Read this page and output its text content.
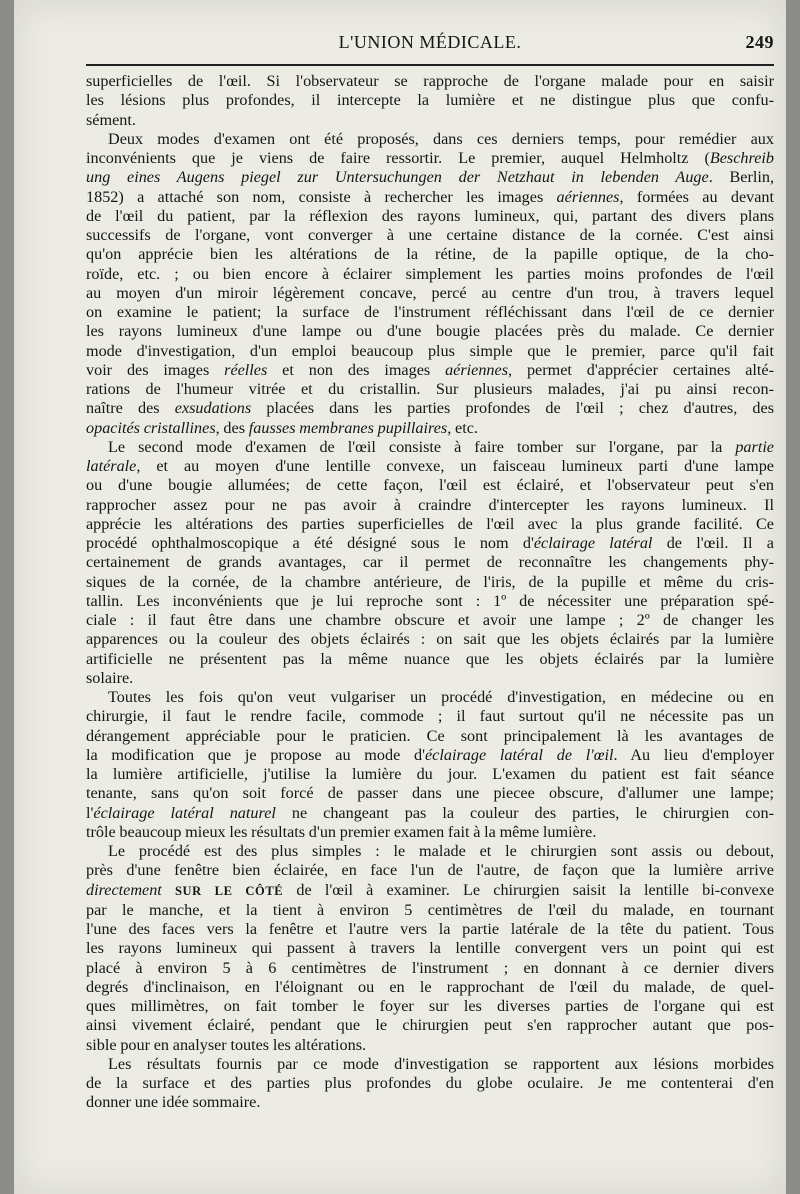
L'UNION MÉDICALE.	249
superficielles de l'œil. Si l'observateur se rapproche de l'organe malade pour en saisir
les lésions plus profondes, il intercepte la lumière et ne distingue plus que confu-
sément.
Deux modes d'examen ont été proposés, dans ces derniers temps, pour remédier aux
inconvénients que je viens de faire ressortir. Le premier, auquel Helmholtz (Beschreib
ung eines Augens piegel zur Untersuchungen der Netzhaut in lebenden Auge. Berlin,
1852) a attaché son nom, consiste à rechercher les images aériennes, formées au devant
de l'œil du patient, par la réflexion des rayons lumineux, qui, partant des divers plans
successifs de l'organe, vont converger à une certaine distance de la cornée. C'est ainsi
qu'on apprécie bien les altérations de la rétine, de la papille optique, de la cho-
roïde, etc. ; ou bien encore à éclairer simplement les parties moins profondes de l'œil
au moyen d'un miroir légèrement concave, percé au centre d'un trou, à travers lequel
on examine le patient; la surface de l'instrument réfléchissant dans l'œil de ce dernier
les rayons lumineux d'une lampe ou d'une bougie placées près du malade. Ce dernier
mode d'investigation, d'un emploi beaucoup plus simple que le premier, parce qu'il fait
voir des images réelles et non des images aériennes, permet d'apprécier certaines alté-
rations de l'humeur vitrée et du cristallin. Sur plusieurs malades, j'ai pu ainsi recon-
naître des exsudations placées dans les parties profondes de l'œil ; chez d'autres, des
opacités cristallines, des fausses membranes pupillaires, etc.
Le second mode d'examen de l'œil consiste à faire tomber sur l'organe, par la partie
latérale, et au moyen d'une lentille convexe, un faisceau lumineux parti d'une lampe
ou d'une bougie allumées; de cette façon, l'œil est éclairé, et l'observateur peut s'en
rapprocher assez pour ne pas avoir à craindre d'intercepter les rayons lumineux. Il
apprécie les altérations des parties superficielles de l'œil avec la plus grande facilité. Ce
procédé ophthalmoscopique a été désigné sous le nom d'éclairage latéral de l'œil. Il a
certainement de grands avantages, car il permet de reconnaître les changements phy-
siques de la cornée, de la chambre antérieure, de l'iris, de la pupille et même du cris-
tallin. Les inconvénients que je lui reproche sont : 1º de nécessiter une préparation spé-
ciale : il faut être dans une chambre obscure et avoir une lampe ; 2º de changer les
apparences ou la couleur des objets éclairés : on sait que les objets éclairés par la lumière
artificielle ne présentent pas la même nuance que les objets éclairés par la lumière
solaire.
Toutes les fois qu'on veut vulgariser un procédé d'investigation, en médecine ou en
chirurgie, il faut le rendre facile, commode ; il faut surtout qu'il ne nécessite pas un
dérangement appréciable pour le praticien. Ce sont principalement là les avantages de
la modification que je propose au mode d'éclairage latéral de l'œil. Au lieu d'employer
la lumière artificielle, j'utilise la lumière du jour. L'examen du patient est fait séance
tenante, sans qu'on soit forcé de passer dans une piecee obscure, d'allumer une lampe;
l'éclairage latéral naturel ne changeant pas la couleur des parties, le chirurgien con-
trôle beaucoup mieux les résultats d'un premier examen fait à la même lumière.
Le procédé est des plus simples : le malade et le chirurgien sont assis ou debout,
près d'une fenêtre bien éclairée, en face l'un de l'autre, de façon que la lumière arrive
directement SUR LE CÔTÉ de l'œil à examiner. Le chirurgien saisit la lentille bi-convexe
par le manche, et la tient à environ 5 centimètres de l'œil du malade, en tournant
l'une des faces vers la fenêtre et l'autre vers la partie latérale de la tête du patient. Tous
les rayons lumineux qui passent à travers la lentille convergent vers un point qui est
placé à environ 5 à 6 centimètres de l'instrument ; en donnant à ce dernier divers
degrés d'inclinaison, en l'éloignant ou en le rapprochant de l'œil du malade, de quel-
ques millimètres, on fait tomber le foyer sur les diverses parties de l'organe qui est
ainsi vivement éclairé, pendant que le chirurgien peut s'en rapprocher autant que pos-
sible pour en analyser toutes les altérations.
Les résultats fournis par ce mode d'investigation se rapportent aux lésions morbides
de la surface et des parties plus profondes du globe oculaire. Je me contenterai d'en
donner une idée sommaire.
